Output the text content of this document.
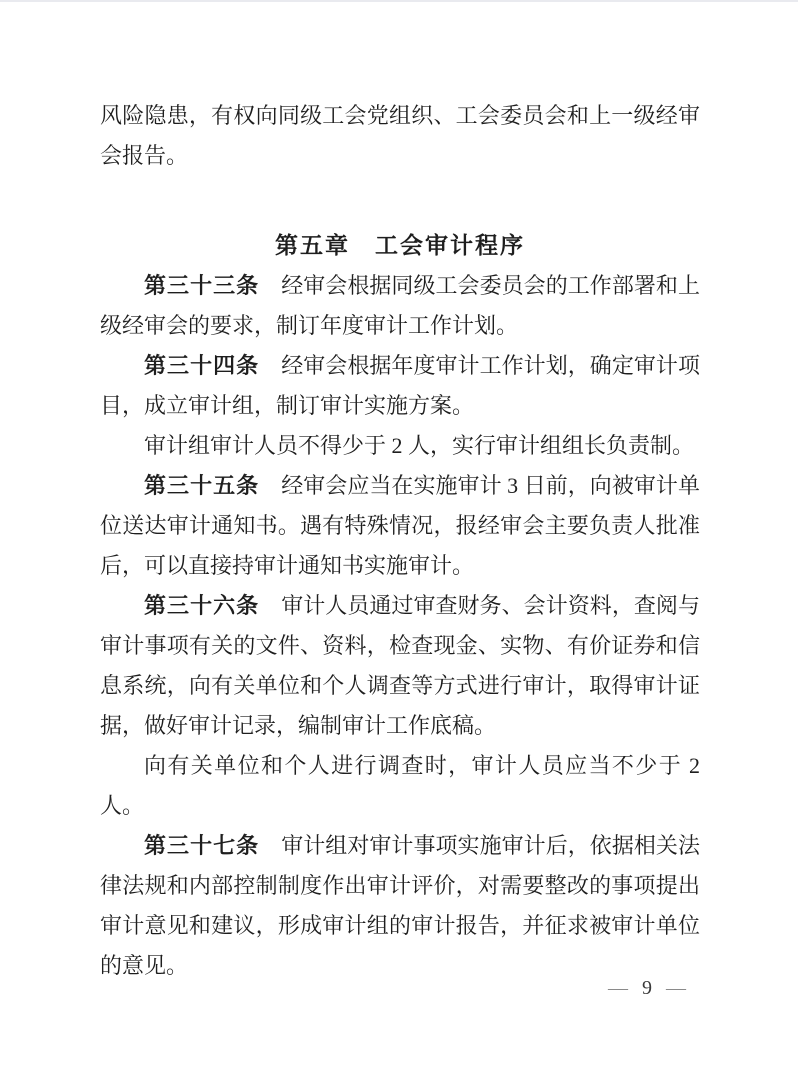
风险隐患，有权向同级工会党组织、工会委员会和上一级经审会报告。

第五章　工会审计程序

第三十三条 经审会根据同级工会委员会的工作部署和上级经审会的要求，制订年度审计工作计划。

第三十四条 经审会根据年度审计工作计划，确定审计项目，成立审计组，制订审计实施方案。

审计组审计人员不得少于 2 人，实行审计组组长负责制。

第三十五条 经审会应当在实施审计 3 日前，向被审计单位送达审计通知书。遇有特殊情况，报经审会主要负责人批准后，可以直接持审计通知书实施审计。

第三十六条 审计人员通过审查财务、会计资料，查阅与审计事项有关的文件、资料，检查现金、实物、有价证券和信息系统，向有关单位和个人调查等方式进行审计，取得审计证据，做好审计记录，编制审计工作底稿。

向有关单位和个人进行调查时，审计人员应当不少于 2 人。

第三十七条 审计组对审计事项实施审计后，依据相关法律法规和内部控制制度作出审计评价，对需要整改的事项提出审计意见和建议，形成审计组的审计报告，并征求被审计单位的意见。

— 9 —
